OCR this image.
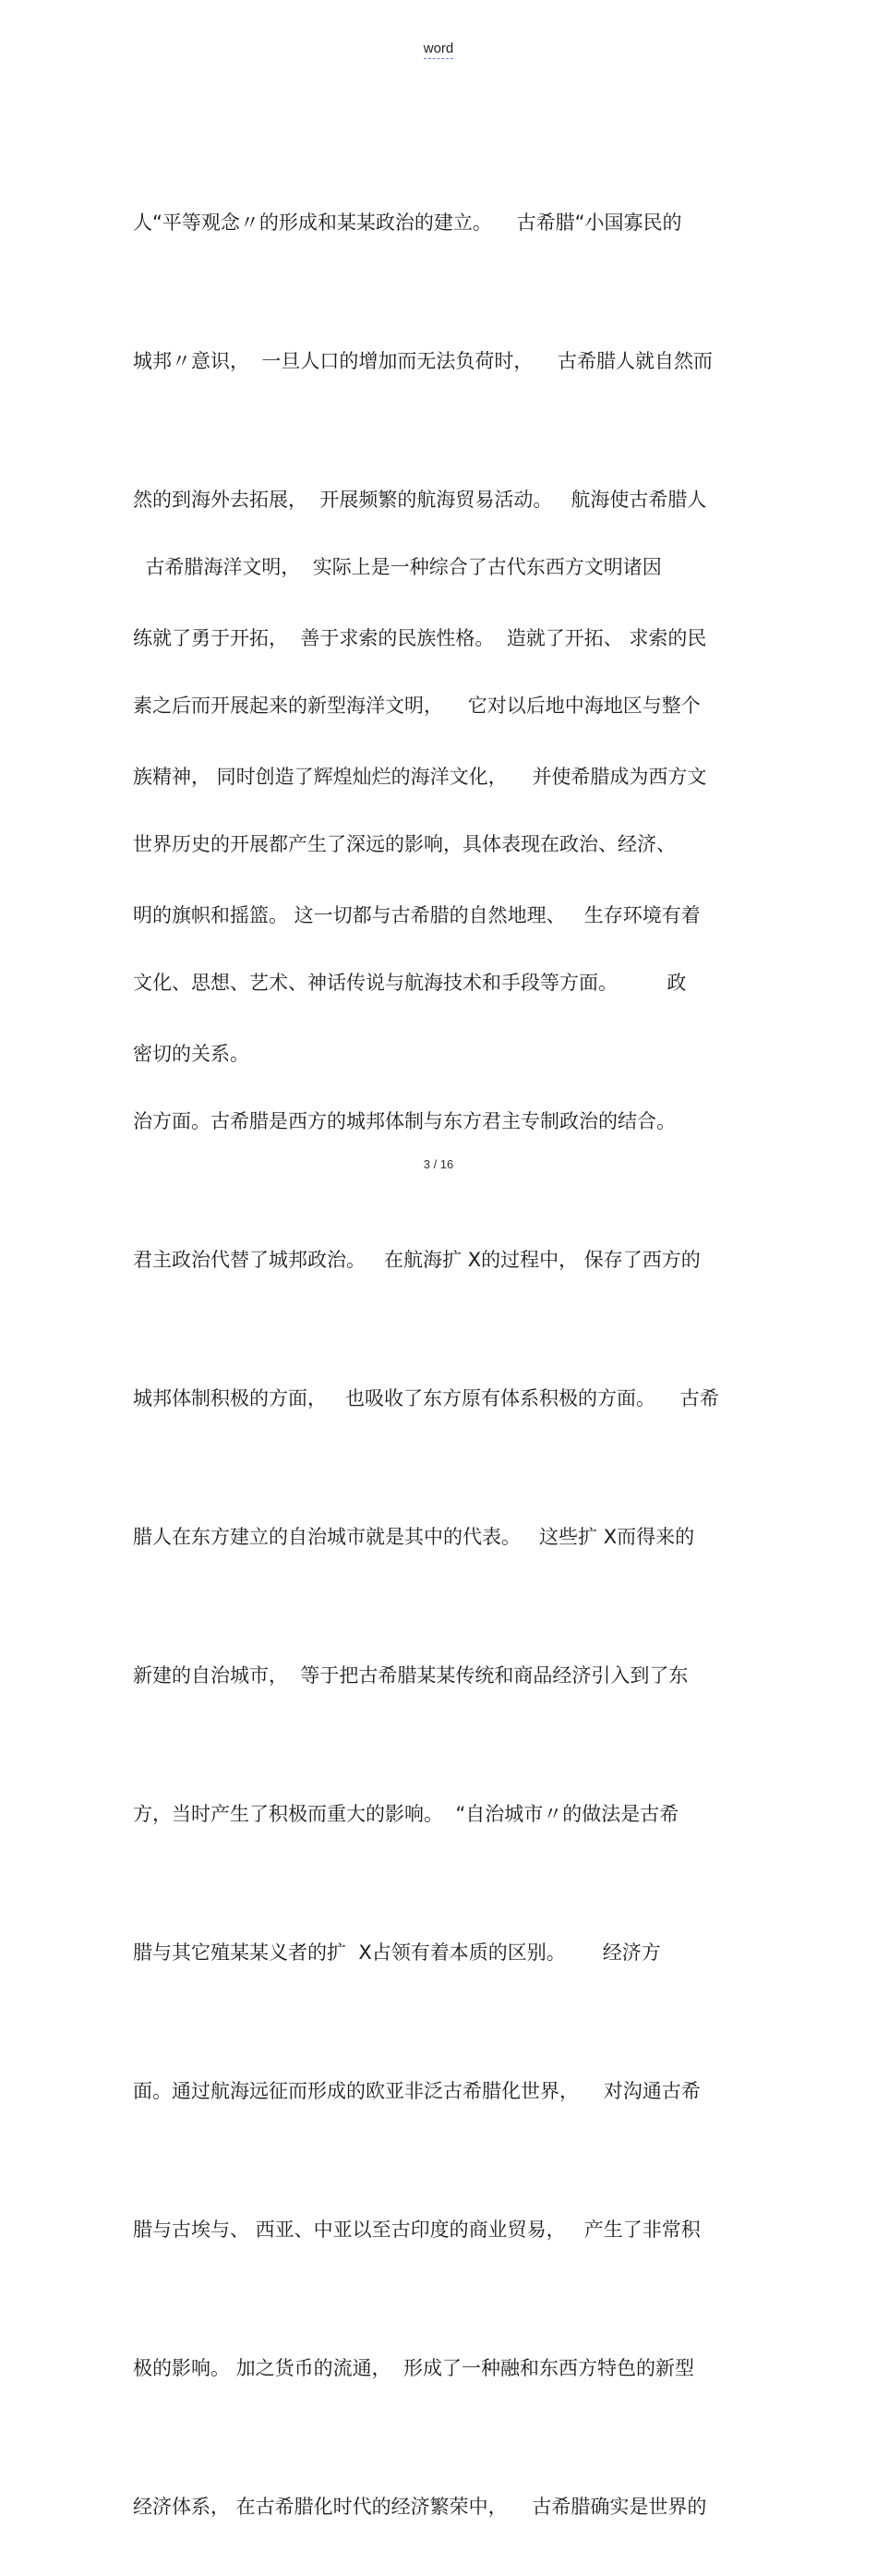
word

人“平等观念〃的形成和某某政治的建立。    古希腊“小国寡民的

城邦〃意识，  一旦人口的增加而无法负荷时，    古希腊人就自然而

然的到海外去拓展，  开展频繁的航海贸易活动。   航海使古希腊人

练就了勇于开拓，  善于求索的民族性格。  造就了开拓、 求索的民

族精神， 同时创造了辉煌灿烂的海洋文化，    并使希腊成为西方文

明的旗帜和摇篮。 这一切都与古希腊的自然地理、   生存环境有着

密切的关系。

古希腊海洋文明，  实际上是一种综合了古代东西方文明诸因

素之后而开展起来的新型海洋文明，    它对以后地中海地区与整个

世界历史的开展都产生了深远的影响，具体表现在政治、经济、

文化、思想、艺术、神话传说与航海技术和手段等方面。        政

治方面。古希腊是西方的城邦体制与东方君主专制政治的结合。

君主政治代替了城邦政治。   在航海扩 X的过程中， 保存了西方的

城邦体制积极的方面，   也吸收了东方原有体系积极的方面。    古希

腊人在东方建立的自治城市就是其中的代表。   这些扩 X而得来的

新建的自治城市，  等于把古希腊某某传统和商品经济引入到了东

方，当时产生了积极而重大的影响。  “自治城市〃的做法是古希

腊与其它殖某某义者的扩  X占领有着本质的区别。      经济方

面。通过航海远征而形成的欧亚非泛古希腊化世界，    对沟通古希

腊与古埃与、 西亚、中亚以至古印度的商业贸易，   产生了非常积

极的影响。 加之货币的流通，  形成了一种融和东西方特色的新型

经济体系， 在古希腊化时代的经济繁荣中，    古希腊确实是世界的

3 / 16
